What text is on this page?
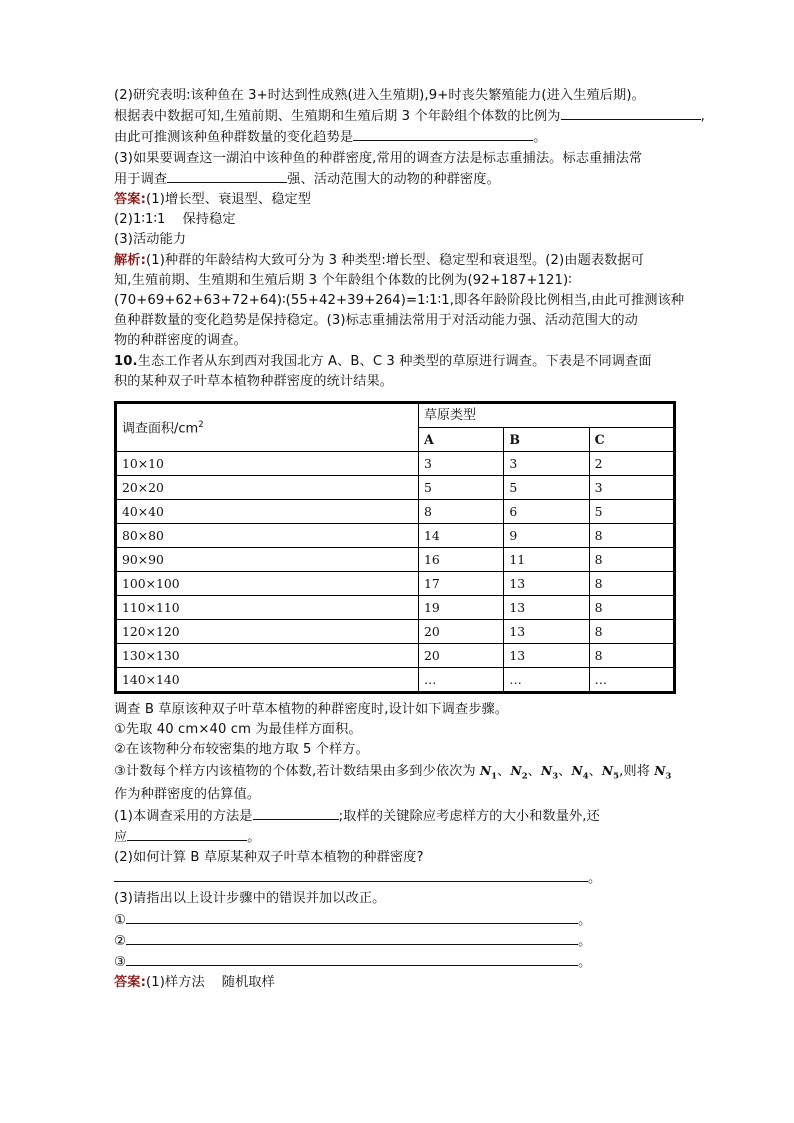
(2)研究表明:该种鱼在 3+时达到性成熟(进入生殖期),9+时丧失繁殖能力(进入生殖后期)。
根据表中数据可知,生殖前期、生殖期和生殖后期 3 个年龄组个体数的比例为	,
由此可推测该种鱼种群数量的变化趋势是	。
(3)如果要调查这一湖泊中该种鱼的种群密度,常用的调查方法是标志重捕法。标志重捕法常
用于调查	强、活动范围大的动物的种群密度。
答案:(1)增长型、衰退型、稳定型
(2)1∶1∶1 保持稳定
(3)活动能力
解析:(1)种群的年龄结构大致可分为 3 种类型:增长型、稳定型和衰退型。(2)由题表数据可
知,生殖前期、生殖期和生殖后期 3 个年龄组个体数的比例为(92+187+121)∶
(70+69+62+63+72+64)∶(55+42+39+264)=1∶1∶1,即各年龄阶段比例相当,由此可推测该种
鱼种群数量的变化趋势是保持稳定。(3)标志重捕法常用于对活动能力强、活动范围大的动
物的种群密度的调查。
10.生态工作者从东到西对我国北方 A、B、C 3 种类型的草原进行调查。下表是不同调查面
积的某种双子叶草本植物种群密度的统计结果。
调查面积$/cm^2$	草原类型		
	A	B	C
10×10	3	3	2
20×20	5	5	3
40×40	8	6	5
80×80	14	9	8
90×90	16	11	8
100×100	17	13	8
110×110	19	13	8
120×120	20	13	8
130×130	20	13	8
140×140	…	…	…
调查 B 草原该种双子叶草本植物的种群密度时,设计如下调查步骤。
①先取 40 cm×40 cm 为最佳样方面积。
②在该物种分布较密集的地方取 5 个样方。
③计数每个样方内该植物的个体数,若计数结果由多到少依次为 $N_1$、$N_2$、$N_3$、$N_4$、$N_5$,则将 $N_3$
作为种群密度的估算值。
(1)本调查采用的方法是	;取样的关键除应考虑样方的大小和数量外,还
应	。
(2)如何计算 B 草原某种双子叶草本植物的种群密度?
。
(3)请指出以上设计步骤中的错误并加以改正。
①	。
②	。
③	。
答案:(1)样方法 随机取样
